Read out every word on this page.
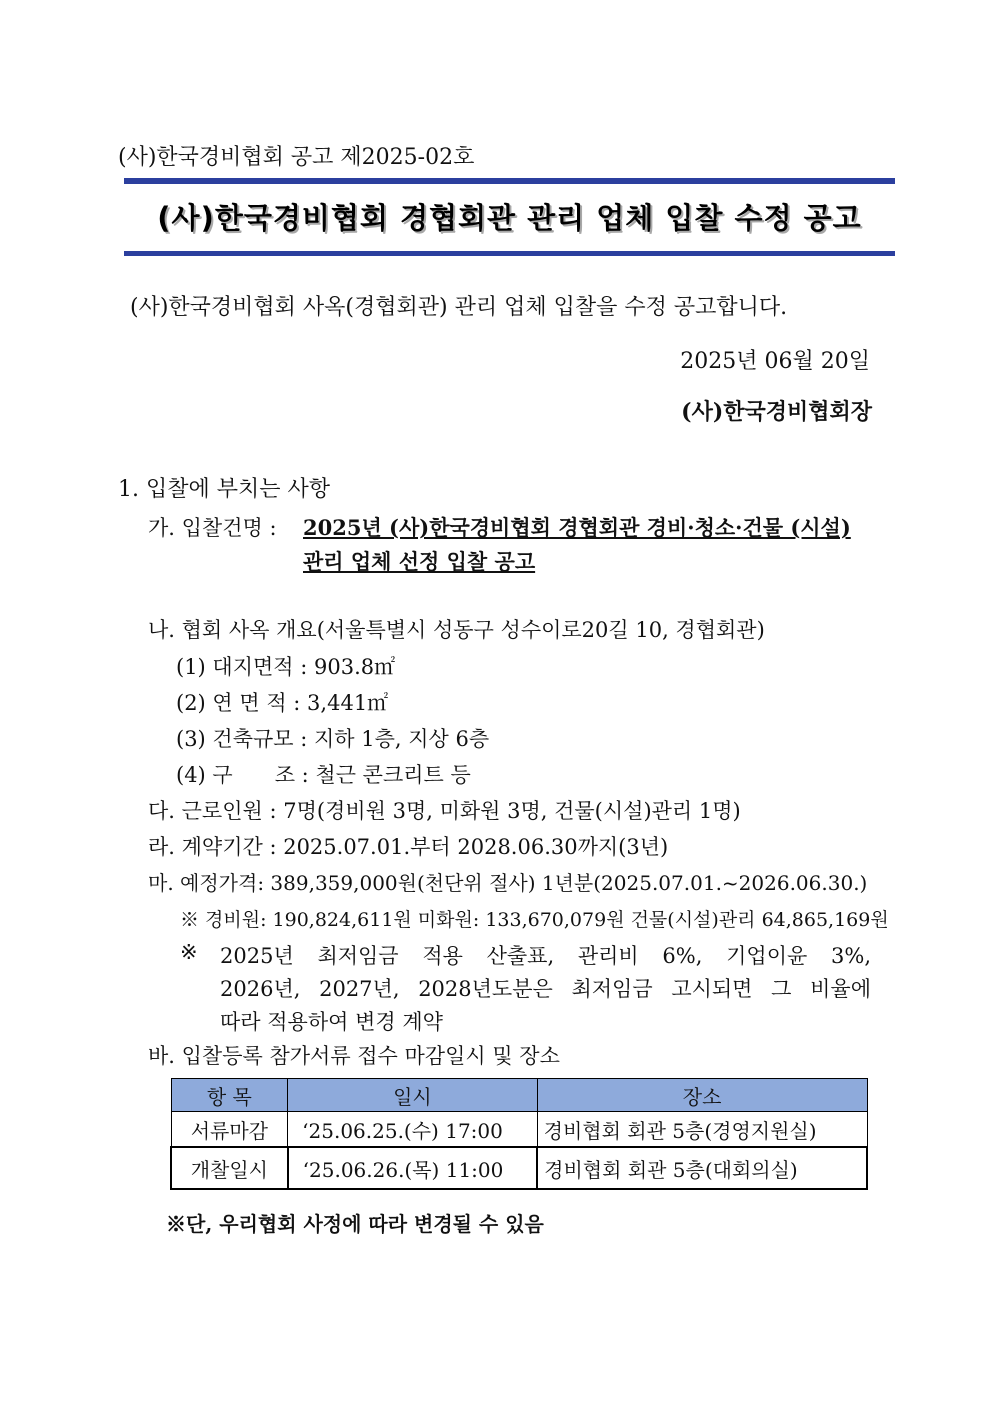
(사)한국경비협회 공고 제2025-02호
(사)한국경비협회 경협회관 관리 업체 입찰 수정 공고
(사)한국경비협회 사옥(경협회관) 관리 업체 입찰을 수정 공고합니다.
2025년 06월 20일
(사)한국경비협회장
1. 입찰에 부치는 사항
가. 입찰건명 : 2025년 (사)한국경비협회 경협회관 경비·청소·건물 (시설)
관리 업체 선정 입찰 공고
나. 협회 사옥 개요(서울특별시 성동구 성수이로20길 10, 경협회관)
(1) 대지면적 : 903.8㎡
(2) 연 면 적 : 3,441㎡
(3) 건축규모 : 지하 1층, 지상 6층
(4) 구　　조 : 철근 콘크리트 등
다. 근로인원 : 7명(경비원 3명, 미화원 3명, 건물(시설)관리 1명)
라. 계약기간 : 2025.07.01.부터 2028.06.30까지(3년)
마. 예정가격: 389,359,000원(천단위 절사) 1년분(2025.07.01.~2026.06.30.)
※ 경비원: 190,824,611원 미화원: 133,670,079원 건물(시설)관리 64,865,169원
※ 2025년 최저임금 적용 산출표, 관리비 6%, 기업이윤 3%,
2026년, 2027년, 2028년도분은 최저임금 고시되면 그 비율에
따라 적용하여 변경 계약
바. 입찰등록 참가서류 접수 마감일시 및 장소
항 목	일시	장소
서류마감	‘25.06.25.(수) 17:00	경비협회 회관 5층(경영지원실)
개찰일시	‘25.06.26.(목) 11:00	경비협회 회관 5층(대회의실)
※단, 우리협회 사정에 따라 변경될 수 있음
